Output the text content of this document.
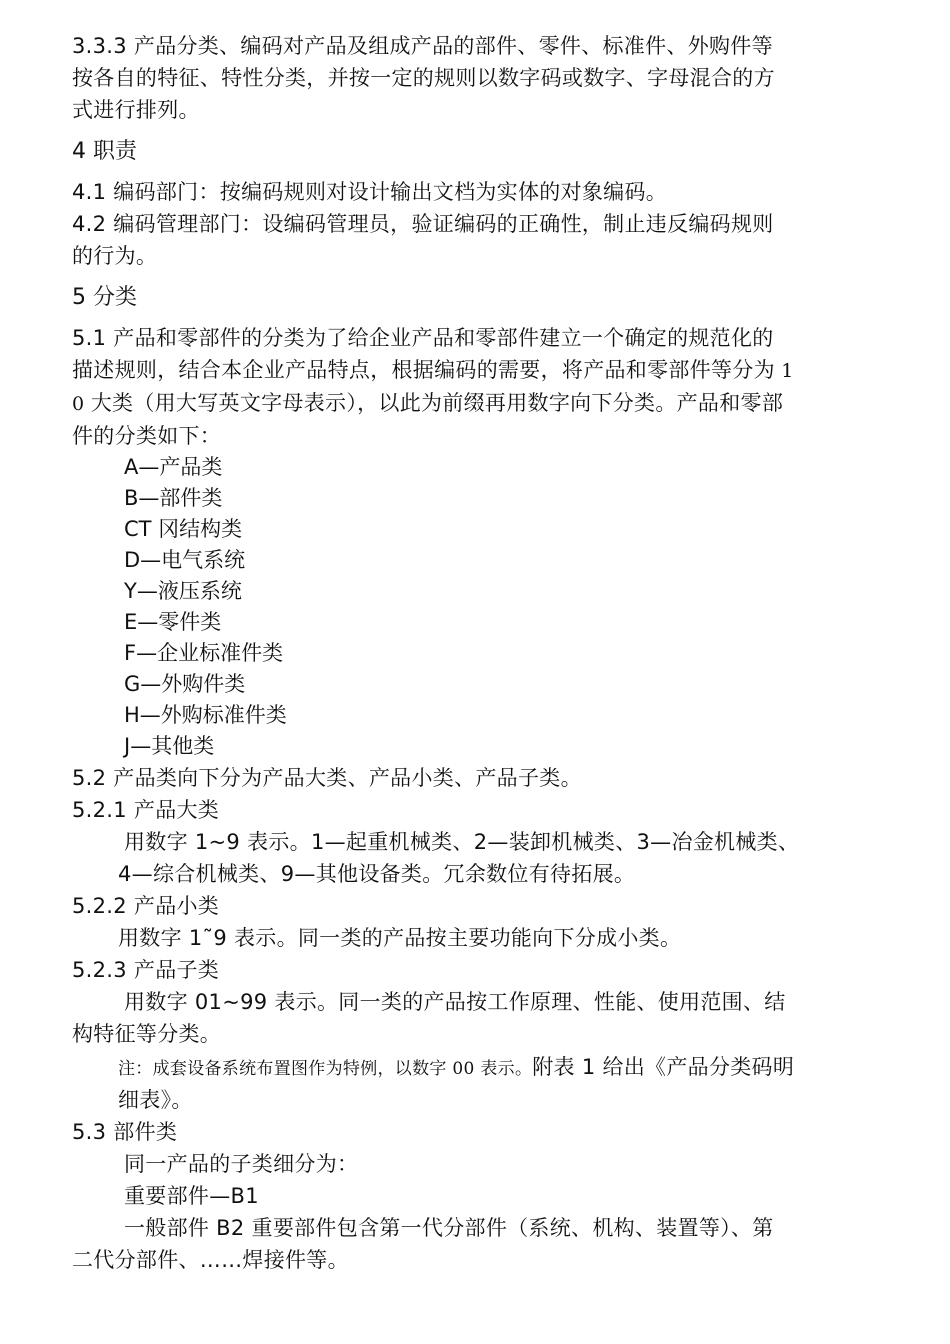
3.3.3 产品分类、编码对产品及组成产品的部件、零件、标准件、外购件等

按各自的特征、特性分类，并按一定的规则以数字码或数字、字母混合的方

式进行排列。

4 职责

4.1 编码部门：按编码规则对设计输出文档为实体的对象编码。

4.2 编码管理部门：设编码管理员，验证编码的正确性，制止违反编码规则

的行为。

5 分类

5.1 产品和零部件的分类为了给企业产品和零部件建立一个确定的规范化的

描述规则，结合本企业产品特点，根据编码的需要，将产品和零部件等分为 1

0 大类（用大写英文字母表示），以此为前缀再用数字向下分类。产品和零部

件的分类如下：

A—产品类

B—部件类

CT 冈结构类

D—电气系统

Y—液压系统

E—零件类

F—企业标准件类

G—外购件类

H—外购标准件类

J—其他类

5.2 产品类向下分为产品大类、产品小类、产品子类。

5.2.1 产品大类

用数字 1~9 表示。1—起重机械类、2—装卸机械类、3—冶金机械类、

4—综合机械类、9—其他设备类。冗余数位有待拓展。

5.2.2 产品小类

用数字 1˜9 表示。同一类的产品按主要功能向下分成小类。

5.2.3 产品子类

用数字 01~99 表示。同一类的产品按工作原理、性能、使用范围、结

构特征等分类。

注：成套设备系统布置图作为特例，以数字 00 表示。附表 1 给出《产品分类码明

细表》。

5.3 部件类

同一产品的子类细分为：

重要部件—B1

一般部件 B2 重要部件包含第一代分部件（系统、机构、装置等）、第

二代分部件、……焊接件等。
